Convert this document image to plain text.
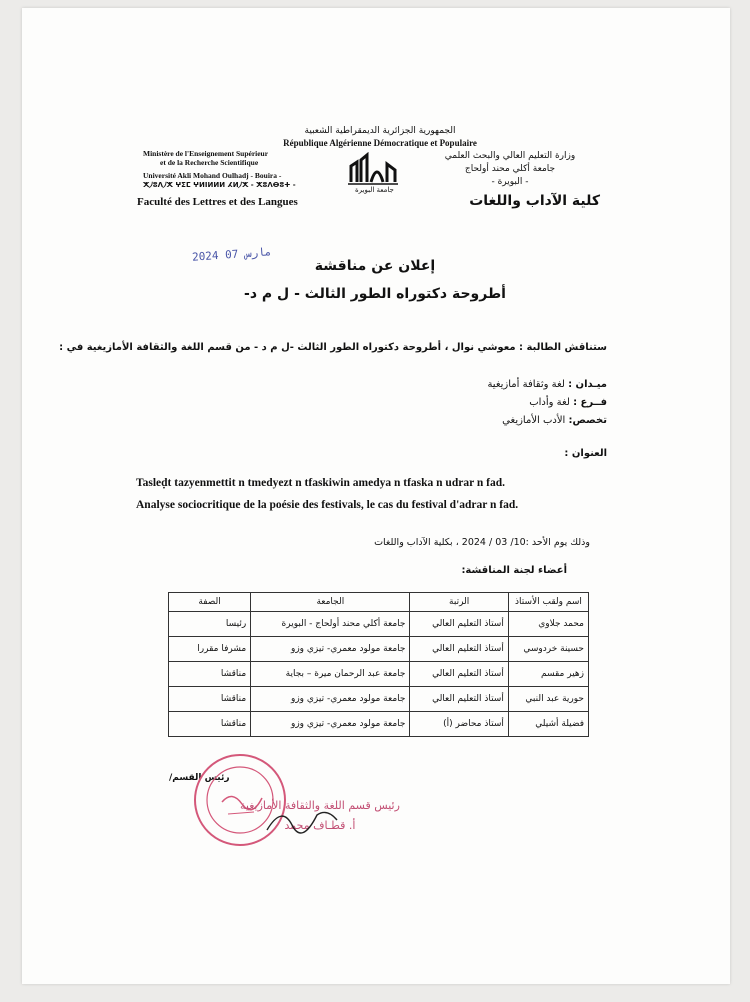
الجمهورية الجزائرية الديمقراطية الشعبية
République Algérienne Démocratique et Populaire
Ministère de l'Enseignement Supérieur
et de la Recherche Scientifique
Université Akli Mohand Oulhadj - Bouira -
ⵅ⵰ⵓⴷ⵰ⵅ ⵖⵉⵎ ⵖⵍⵏⵍⵍⵍ ⵃⵍ⵰ⵅ - ⵅⵓⴷⴱⵓⵜ -
وزارة التعليم العالي والبحث العلمي
جامعة أكلي محند أولحاج
- البويرة -
جامعة البويرة
Faculté des Lettres et des Langues	كلية الآداب واللغات
2024 مارس 07
إعلان عن مناقشة
أطروحة دكتوراه الطور الثالث - ل م د-
ستناقش الطالبة : معوشي نوال ، أطروحة دكتوراه الطور الثالث -ل م د - من قسم اللغة والثقافة الأمازيغية في :
ميـدان : لغة وثقافة أمازيغية
فــرع : لغة وأداب
تخصص: الأدب الأمازيغي
العنوان :
Tasleḍt tazyenmettit n tmedyezt n tfaskiwin amedya n tfaska n udrar n fad.
Analyse sociocritique de la poésie des festivals, le cas du festival d'adrar n fad.
وذلك يوم الأحد :10/ 03 / 2024 ، بكلية الآداب واللغات
أعضاء لجنة المناقشة:
اسم ولقب الأستاذ	الرتبة	الجامعة	الصفة
محمد جلاوي	أستاذ التعليم العالي	جامعة أكلي محند أولحاج - البويرة	رئيسا
حسينة خردوسي	أستاذ التعليم العالي	جامعة مولود معمري- تيزي وزو	مشرفا مقررا
زهير مقسم	أستاذ التعليم العالي	جامعة عبد الرحمان ميرة – بجاية	مناقشا
حورية عبد النبي	أستاذ التعليم العالي	جامعة مولود معمري- تيزي وزو	مناقشا
فضيلة أشيلي	أستاذ محاضر (أ)	جامعة مولود معمري- تيزي وزو	مناقشا
رئيس القسم/
رئيس قسم اللغة والثقافة الأمازيغية
أ. قطـاف محمد
